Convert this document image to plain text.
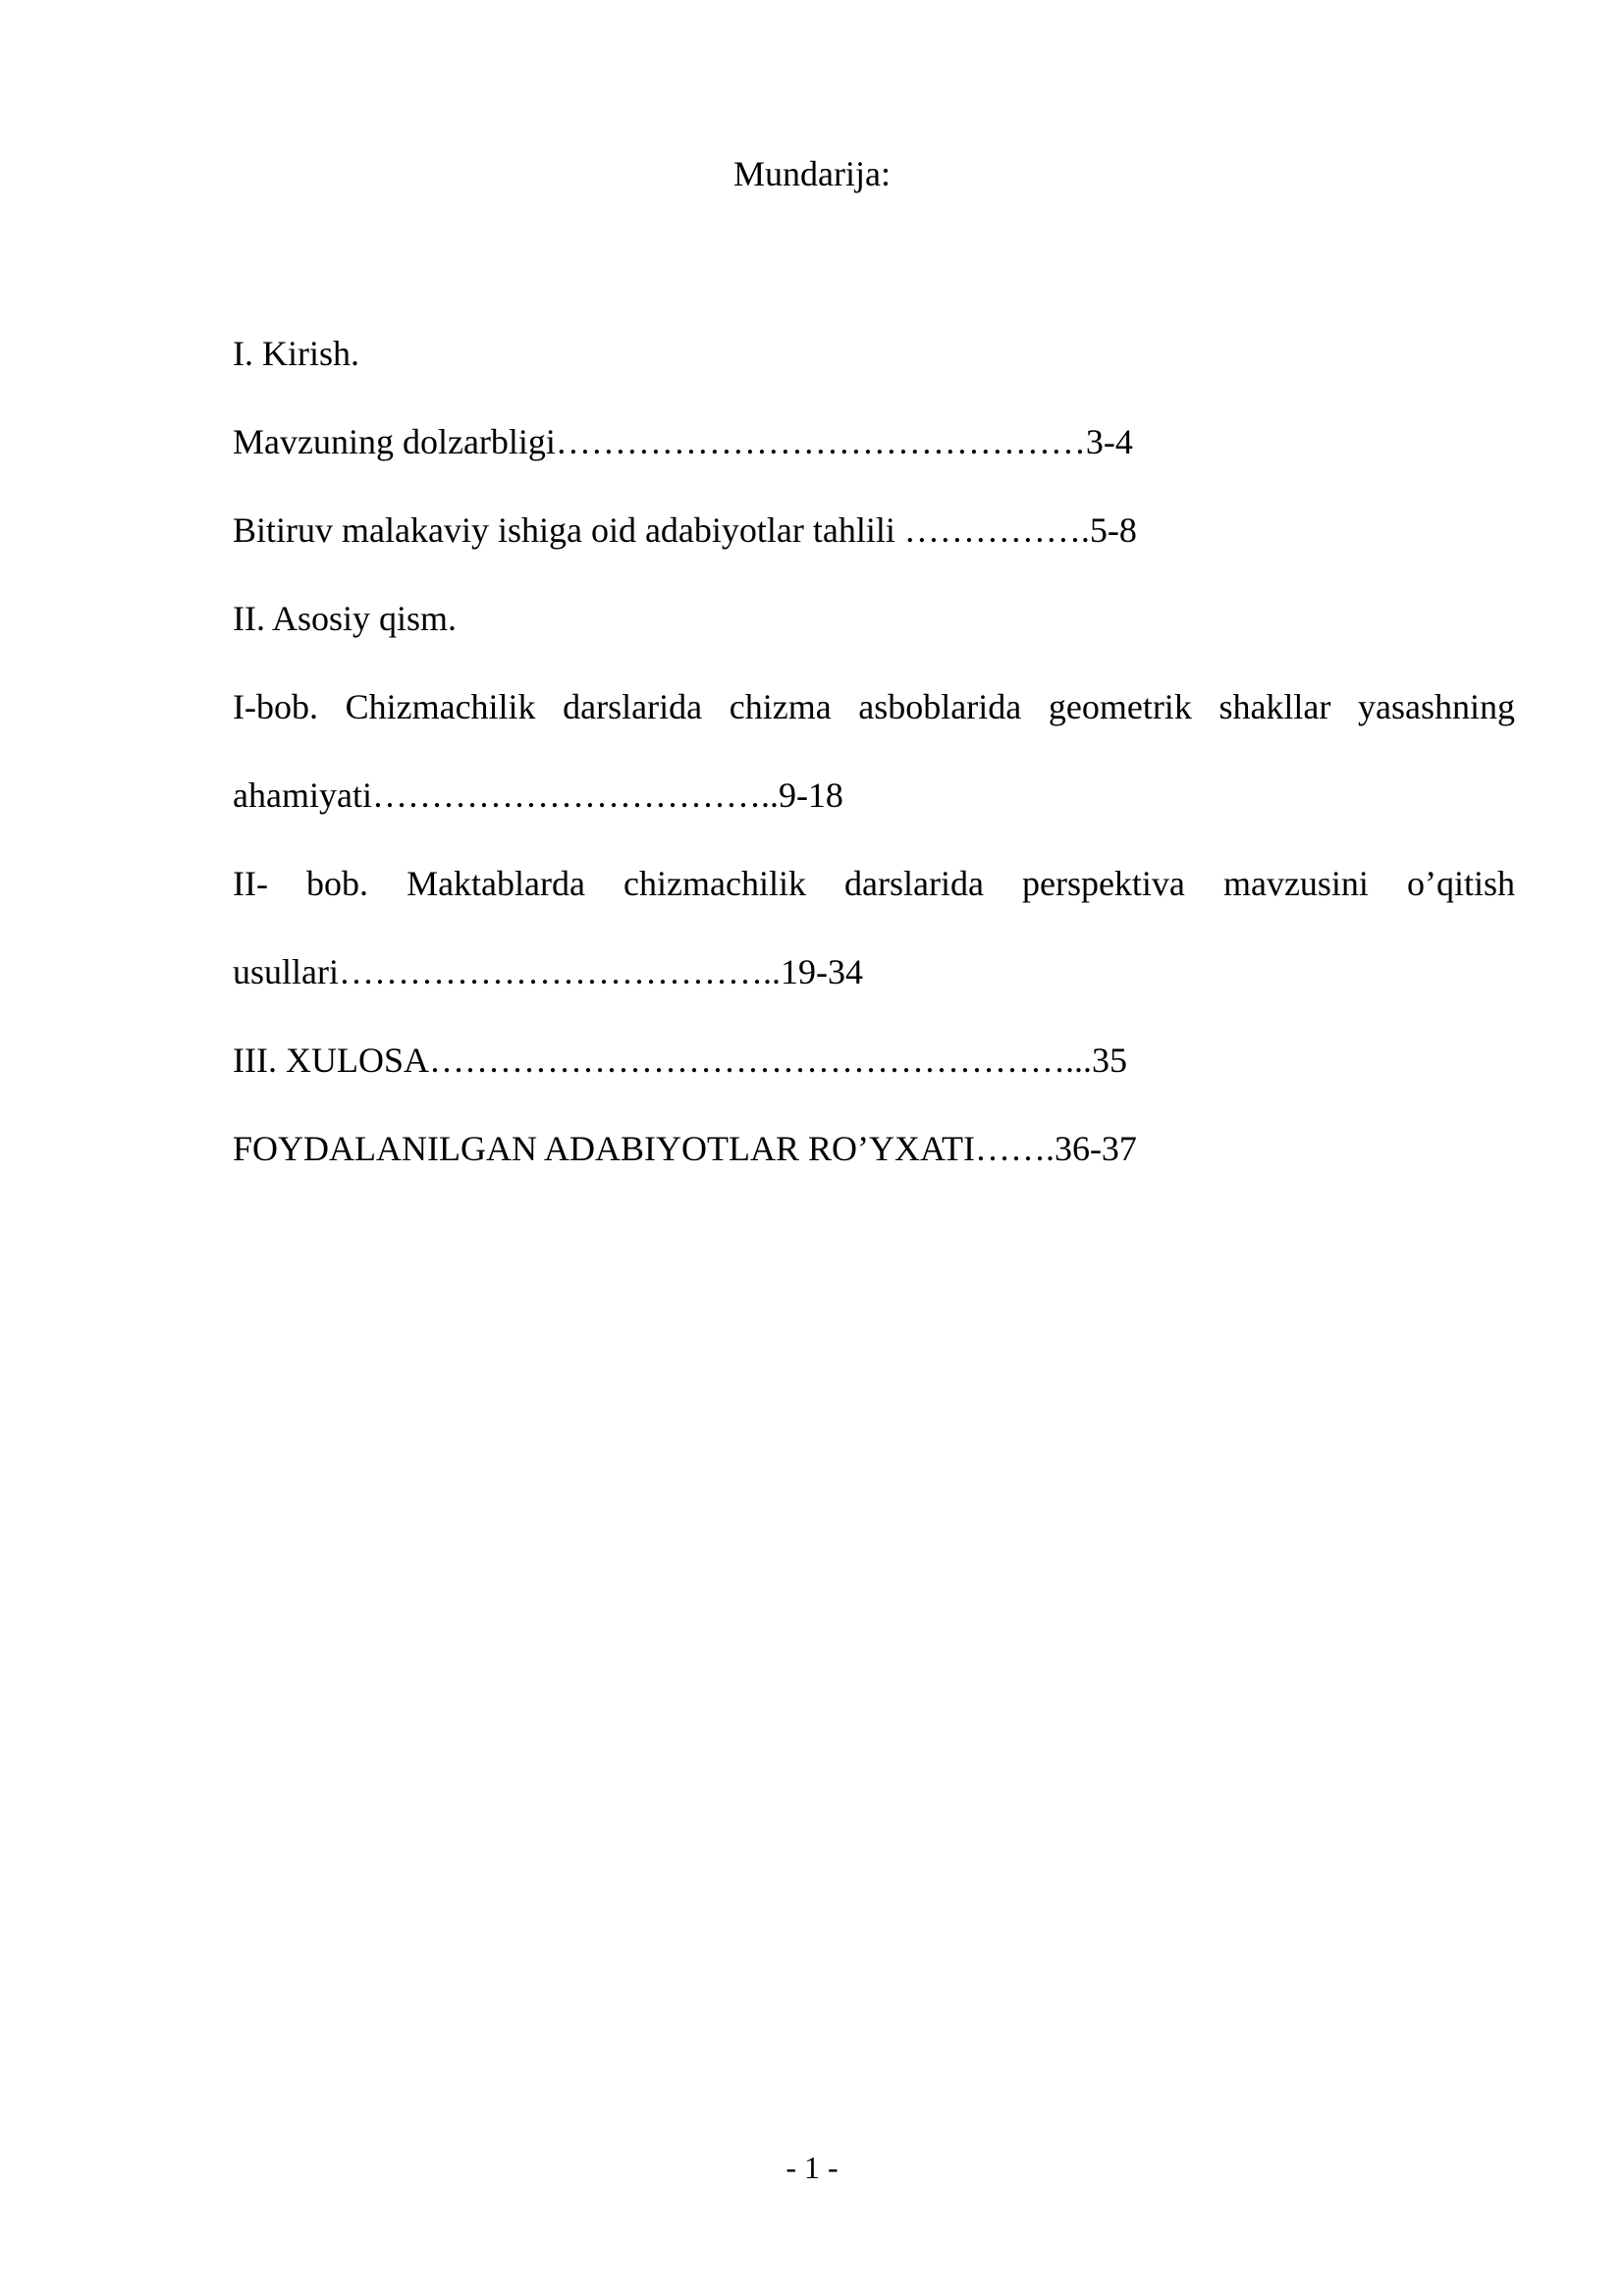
Mundarija:
I. Kirish.
Mavzuning dolzarbligi………………………………………3-4
Bitiruv malakaviy ishiga oid adabiyotlar tahlili …………….5-8
II. Asosiy qism.
I-bob. Chizmachilik darslarida chizma asboblarida geometrik shakllar yasashning
ahamiyati……………………………..9-18
II- bob. Maktablarda chizmachilik darslarida perspektiva mavzusini o’qitish
usullari………………………………..19-34
III. XULOSA………………………………………………...35
FOYDALANILGAN ADABIYOTLAR RO’YXATI…….36-37
- 1 -
